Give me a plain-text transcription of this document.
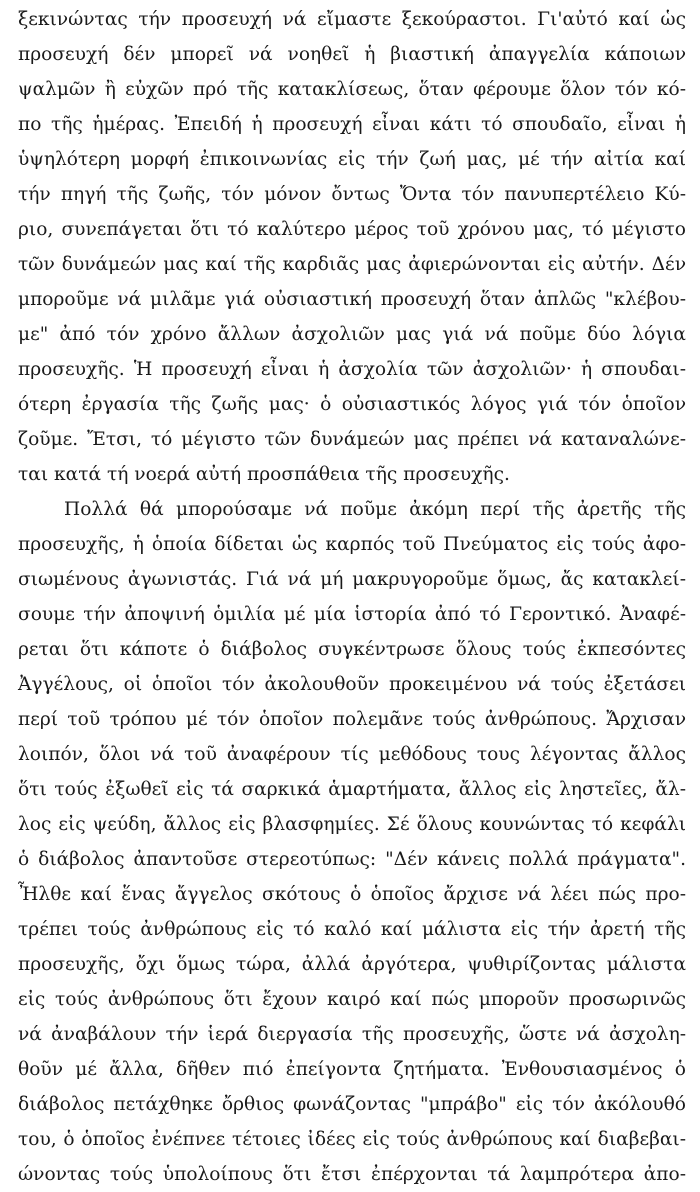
ξεκινώντας τήν προσευχή νά εἴμαστε ξεκούραστοι. Γι'αὐτό καί ὡς
προσευχή δέν μπορεῖ νά νοηθεῖ ἡ βιαστική ἀπαγγελία κάποιων
ψαλμῶν ἢ εὐχῶν πρό τῆς κατακλίσεως, ὅταν φέρουμε ὅλον τόν κό-
πο τῆς ἡμέρας. Ἐπειδή ἡ προσευχή εἶναι κάτι τό σπουδαῖο, εἶναι ἡ
ὑψηλότερη μορφή ἐπικοινωνίας εἰς τήν ζωή μας, μέ τήν αἰτία καί
τήν πηγή τῆς ζωῆς, τόν μόνον ὄντως Ὄντα τόν πανυπερτέλειο Κύ-
ριο, συνεπάγεται ὅτι τό καλύτερο μέρος τοῦ χρόνου μας, τό μέγιστο
τῶν δυνάμεών μας καί τῆς καρδιᾶς μας ἀφιερώνονται εἰς αὐτήν. Δέν
μποροῦμε νά μιλᾶμε γιά οὐσιαστική προσευχή ὅταν ἁπλῶς "κλέβου-
με" ἀπό τόν χρόνο ἄλλων ἀσχολιῶν μας γιά νά ποῦμε δύο λόγια
προσευχῆς. Ἡ προσευχή εἶναι ἡ ἀσχολία τῶν ἀσχολιῶν· ἡ σπουδαι-
ότερη ἐργασία τῆς ζωῆς μας· ὁ οὐσιαστικός λόγος γιά τόν ὁποῖον
ζοῦμε. Ἔτσι, τό μέγιστο τῶν δυνάμεών μας πρέπει νά καταναλώνε-
ται κατά τή νοερά αὐτή προσπάθεια τῆς προσευχῆς.
Πολλά θά μπορούσαμε νά ποῦμε ἀκόμη περί τῆς ἀρετῆς τῆς
προσευχῆς, ἡ ὁποία δίδεται ὡς καρπός τοῦ Πνεύματος εἰς τούς ἀφο-
σιωμένους ἀγωνιστάς. Γιά νά μή μακρυγοροῦμε ὅμως, ἄς κατακλεί-
σουμε τήν ἀποψινή ὁμιλία μέ μία ἱστορία ἀπό τό Γεροντικό. Ἀναφέ-
ρεται ὅτι κάποτε ὁ διάβολος συγκέντρωσε ὅλους τούς ἐκπεσόντες
Ἀγγέλους, οἱ ὁποῖοι τόν ἀκολουθοῦν προκειμένου νά τούς ἐξετάσει
περί τοῦ τρόπου μέ τόν ὁποῖον πολεμᾶνε τούς ἀνθρώπους. Ἄρχισαν
λοιπόν, ὅλοι νά τοῦ ἀναφέρουν τίς μεθόδους τους λέγοντας ἄλλος
ὅτι τούς ἐξωθεῖ εἰς τά σαρκικά ἁμαρτήματα, ἄλλος εἰς ληστεῖες, ἄλ-
λος εἰς ψεύδη, ἄλλος εἰς βλασφημίες. Σέ ὅλους κουνώντας τό κεφάλι
ὁ διάβολος ἀπαντοῦσε στερεοτύπως: "Δέν κάνεις πολλά πράγματα".
Ἦλθε καί ἕνας ἄγγελος σκότους ὁ ὁποῖος ἄρχισε νά λέει πώς προ-
τρέπει τούς ἀνθρώπους εἰς τό καλό καί μάλιστα εἰς τήν ἀρετή τῆς
προσευχῆς, ὄχι ὅμως τώρα, ἀλλά ἀργότερα, ψυθιρίζοντας μάλιστα
εἰς τούς ἀνθρώπους ὅτι ἔχουν καιρό καί πώς μποροῦν προσωρινῶς
νά ἀναβάλουν τήν ἱερά διεργασία τῆς προσευχῆς, ὥστε νά ἀσχολη-
θοῦν μέ ἄλλα, δῆθεν πιό ἐπείγοντα ζητήματα. Ἐνθουσιασμένος ὁ
διάβολος πετάχθηκε ὄρθιος φωνάζοντας "μπράβο" εἰς τόν ἀκόλουθό
του, ὁ ὁποῖος ἐνέπνεε τέτοιες ἰδέες εἰς τούς ἀνθρώπους καί διαβεβαι-
ώνοντας τούς ὑπολοίπους ὅτι ἔτσι ἐπέρχονται τά λαμπρότερα ἀπο-
